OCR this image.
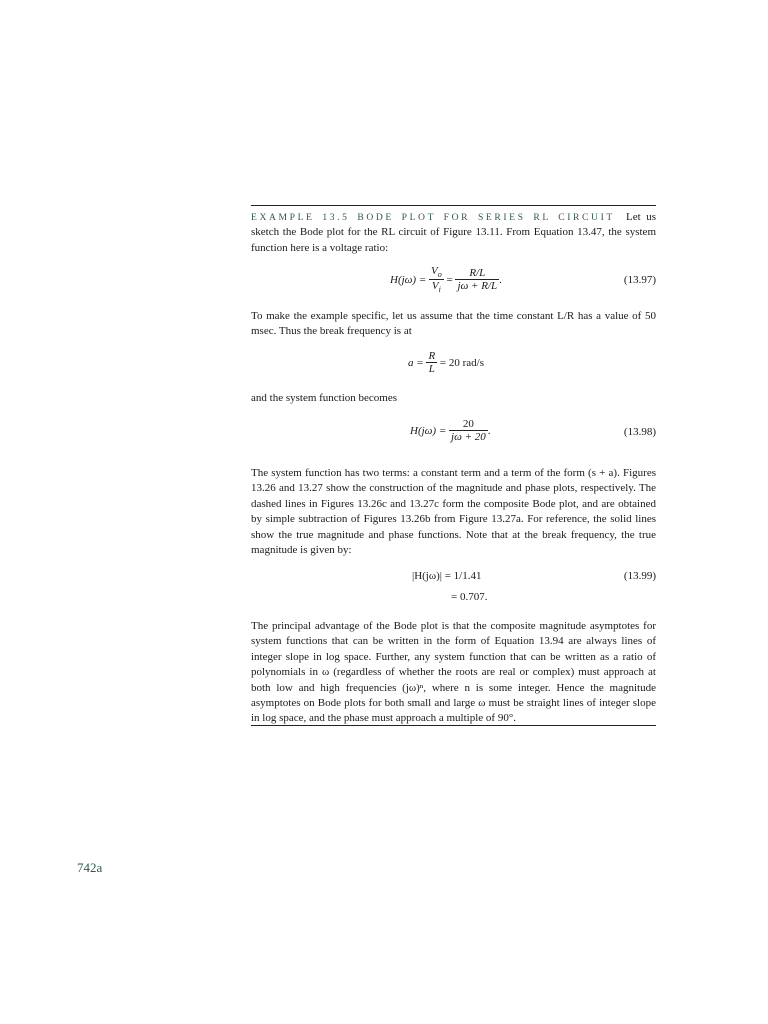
EXAMPLE 13.5 BODE PLOT FOR SERIES RL CIRCUIT Let us sketch the Bode plot for the RL circuit of Figure 13.11. From Equation 13.47, the system function here is a voltage ratio:

H(jω) =
$\frac{V_o}{V_i}$
=
$\frac{R/L}{j\omega + R/L}$ .	(13.97)
To make the example specific, let us assume that the time constant L/R has a value of 50 msec. Thus the break frequency is at
a =
$\frac{R}{L}$
= 20 rad/s
and the system function becomes
H(jω) =
$\frac{20}{j\omega + 20}$ .	(13.98)
The system function has two terms: a constant term and a term of the form (s + a). Figures 13.26 and 13.27 show the construction of the magnitude and phase plots, respectively. The dashed lines in Figures 13.26c and 13.27c form the composite Bode plot, and are obtained by simple subtraction of Figures 13.26b from Figure 13.27a. For reference, the solid lines show the true magnitude and phase functions. Note that at the break frequency, the true magnitude is given by:
|H(jω)| = 1/1.41
= 0.707.
(13.99)
The principal advantage of the Bode plot is that the composite magnitude asymptotes for system functions that can be written in the form of Equation 13.94 are always lines of integer slope in log space. Further, any system function that can be written as a ratio of polynomials in ω (regardless of whether the roots are real or complex) must approach at both low and high frequencies (jω)ⁿ, where n is some integer. Hence the magnitude asymptotes on Bode plots for both small and large ω must be straight lines of integer slope in log space, and the phase must approach a multiple of 90°.
742a
